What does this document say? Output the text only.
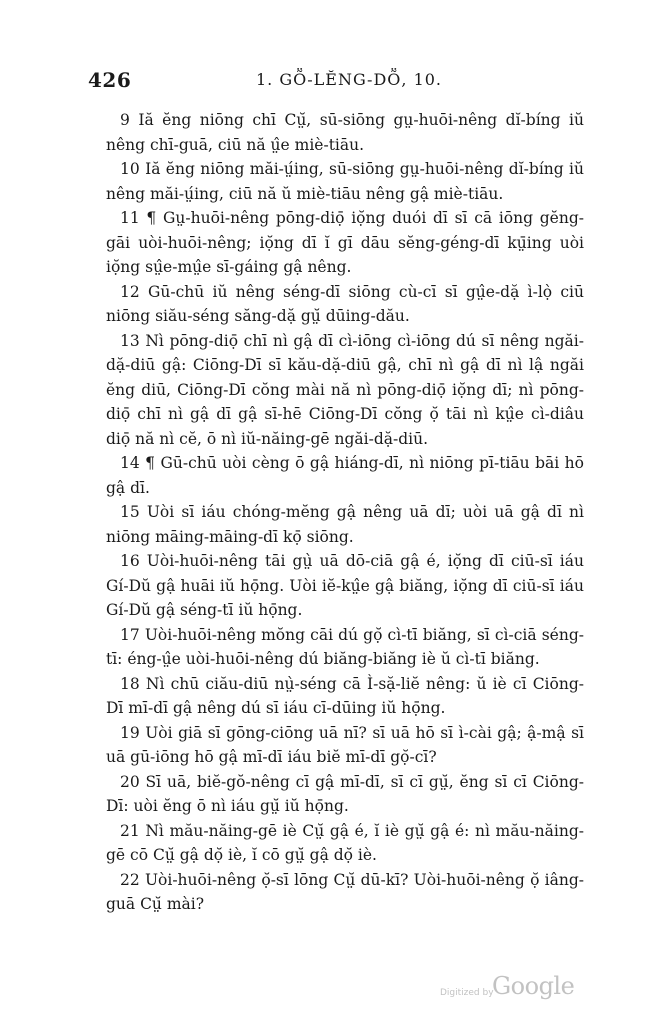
426	1. GṎ-LĔNG-DṎ, 10.

9 Iă ĕng niōng chī Cṳ̆, sū-siōng gṳ-huōi-nêng dĭ-bíng iŭ nêng chī-guā, ciū nă ṳ̂e miè-tiāu.

10 Iă ĕng niōng măi-ṳ́ing, sū-siōng gṳ-huōi-nêng dĭ-bíng iŭ nêng măi-ṳ́ing, ciū nă ŭ miè-tiāu nêng gậ miè-tiāu.

11 ¶ Gṳ-huōi-nêng pōng-diọ̄ iọ̆ng duói dī sī cā iōng gĕng-gāi uòi-huōi-nêng; iọ̆ng dī ĭ gī dāu sĕng-géng-dī kṳ̄ing uòi iọ̆ng sṳ̂e-mṳ̂e sī-gáing gậ nêng.

12 Gū-chū iŭ nêng séng-dī siōng cù-cī sī gṳ̂e-dặ ì-lọ̀ ciū niōng siău-séng săng-dặ gṳ̆ dūing-dău.

13 Nì pōng-diọ̄ chī nì gậ dī cì-iōng cì-iōng dú sī nêng ngăi-dặ-diū gậ: Ciōng-Dī sī kău-dặ-diū gậ, chī nì gậ dī nì lậ ngăi ĕng diū, Ciōng-Dī cŏng mài nă nì pōng-diọ̄ iọ̆ng dī; nì pōng-diọ̄ chī nì gậ dī gậ sī-hē Ciōng-Dī cŏng ọ̆ tāi nì kṳ̂e cì-diâu diọ̄ nă nì cĕ, ō nì iŭ-năing-gē ngăi-dặ-diū.

14 ¶ Gū-chū uòi cèng ō gậ hiáng-dī, nì niōng pī-tiāu bāi hō gậ dī.

15 Uòi sī iáu chóng-mĕng gậ nêng uā dī; uòi uā gậ dī nì niōng māing-māing-dī kọ̄ siōng.

16 Uòi-huōi-nêng tāi gṳ̀ uā dō-ciā gậ é, iọ̆ng dī ciū-sī iáu Gí-Dŭ gậ huāi iŭ họ̄ng. Uòi iĕ-kṳ̂e gậ biăng, iọ̆ng dī ciū-sī iáu Gí-Dŭ gậ séng-tī iŭ họ̄ng.

17 Uòi-huōi-nêng mŏng cāi dú gọ̆ cì-tī biăng, sī cì-ciā séng-tī: éng-ṳ̂e uòi-huōi-nêng dú biăng-biăng iè ŭ cì-tī biăng.

18 Nì chū ciău-diū nṳ̀-séng cā Ì-sặ-liĕ nêng: ŭ iè cī Ciōng-Dī mī-dī gậ nêng dú sī iáu cī-dūing iŭ họ̄ng.

19 Uòi giā sī gōng-ciōng uā nī? sī uā hō sī ì-cài gậ; ậ-mậ sī uā gū-iōng hō gậ mī-dī iáu biĕ mī-dī gọ̆-cī?

20 Sī uā, biĕ-gŏ-nêng cī gậ mī-dī, sī cī gṳ̆, ĕng sī cī Ciōng-Dī: uòi ĕng ō nì iáu gṳ̆ iŭ họ̄ng.

21 Nì mău-năing-gē iè Cṳ̆ gậ é, ĭ iè gṳ̆ gậ é: nì mău-năing-gē cō Cṳ̆ gậ dọ̆ iè, ĭ cō gṳ̆ gậ dọ̆ iè.

22 Uòi-huōi-nêng ọ̆-sī lōng Cṳ̆ dū-kī? Uòi-huōi-nêng ọ̆ iâng-guā Cṳ̆ mài?

Digitized by
Google
